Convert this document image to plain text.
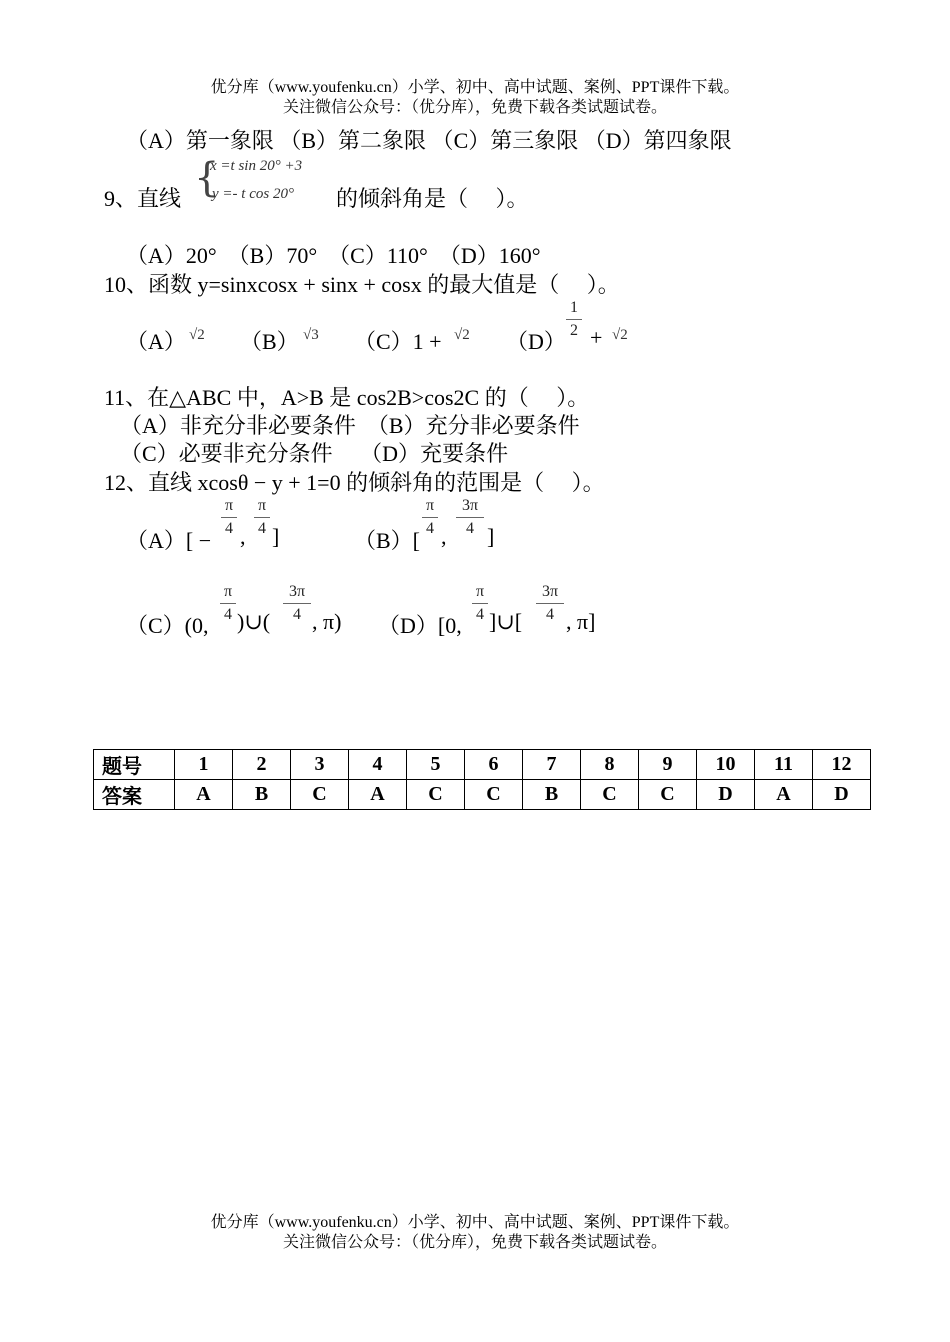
优分库（www.youfenku.cn）小学、初中、高中试题、案例、PPT课件下载。
关注微信公众号：（优分库），免费下载各类试题试卷。
（A）第一象限 （B）第二象限 （C）第三象限 （D）第四象限
9、直线 {
x =t sin 20° +3
y =- t cos 20° 的倾斜角是（　 ）。
（A）20°　（B）70°　（C）110°　（D）160°
10、函数 y=sinxcosx + sinx + cosx 的最大值是（　 ）。
（A） √2 （B） √3 （C）1 + √2 （D）
1
2 + √2
11、在△ABC 中，A>B 是 cos2B>cos2C 的（　 ）。
（A）非充分非必要条件　（B）充分非必要条件
（C）必要非充分条件　 （D）充要条件
12、直线 xcosθ − y + 1=0 的倾斜角的范围是（　 ）。
（A）[ −
π
4 ,
π
4 ]	（B）[
π
4 ,
3π
4 ]
（C）(0,
π
4 )∪(
3π
4 , π) （D）[0,
π
4 ]∪[
3π
4 , π]
题号	1	2	3	4	5	6	7	8	9	10	11	12
答案	A	B	C	A	C	C	B	C	C	D	A	D
优分库（www.youfenku.cn）小学、初中、高中试题、案例、PPT课件下载。
关注微信公众号：（优分库），免费下载各类试题试卷。
